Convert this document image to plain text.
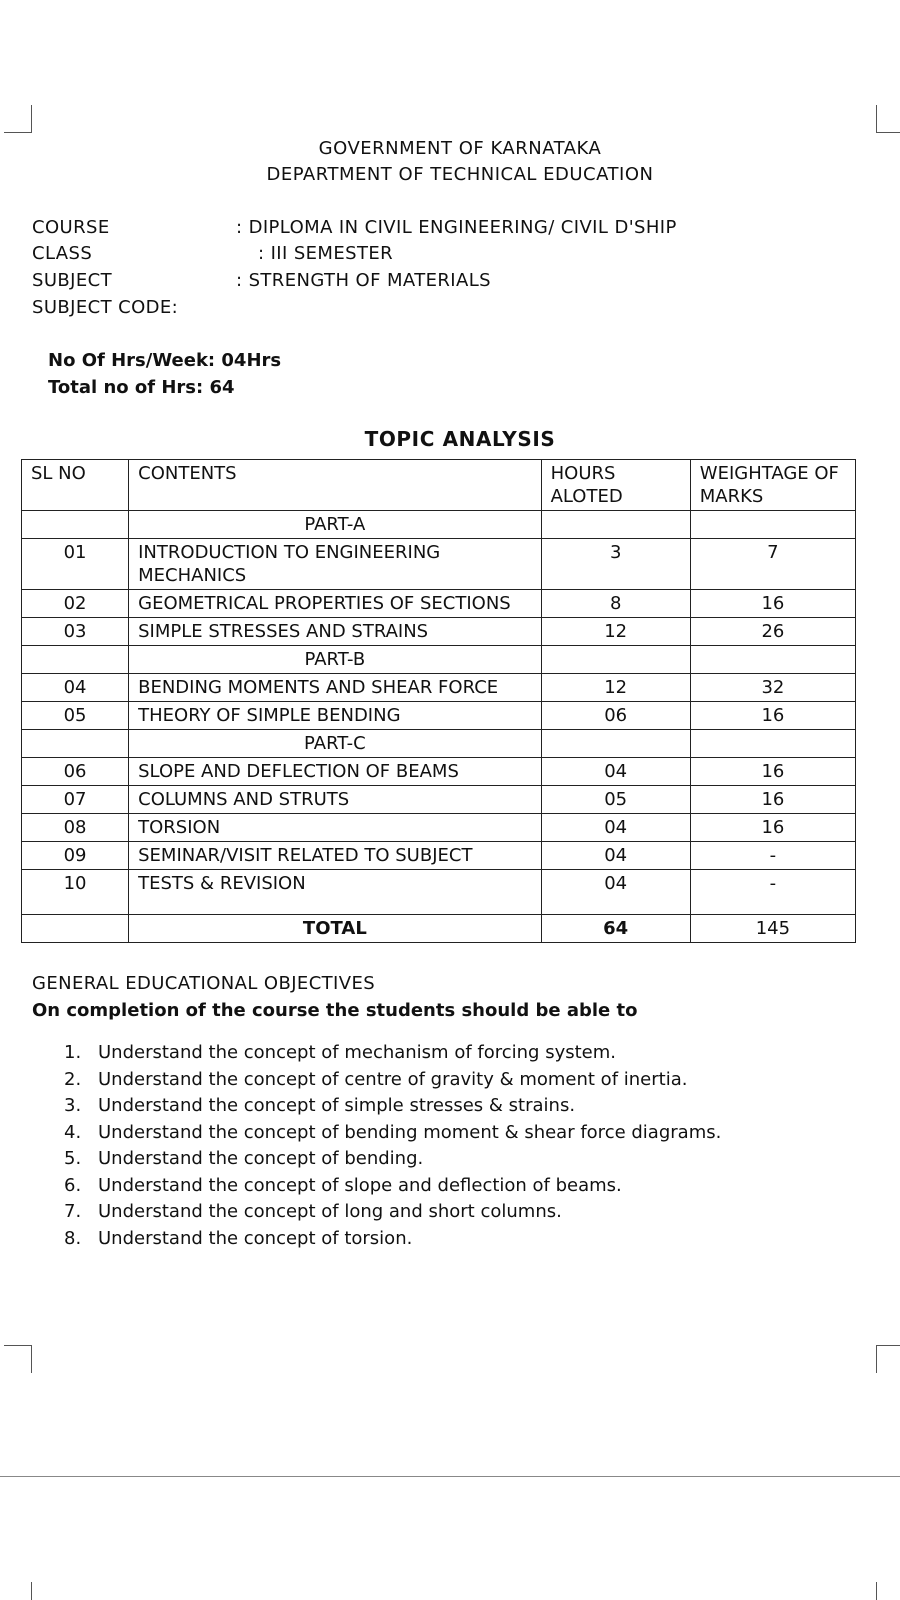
GOVERNMENT OF KARNATAKA
DEPARTMENT OF TECHNICAL EDUCATION
COURSE	: DIPLOMA IN CIVIL ENGINEERING/ CIVIL D'SHIP
CLASS	: III SEMESTER
SUBJECT	: STRENGTH OF MATERIALS
SUBJECT CODE:
No Of Hrs/Week: 04Hrs
Total no of Hrs: 64
TOPIC ANALYSIS
SL NO	CONTENTS	HOURS ALOTED	WEIGHTAGE OF MARKS
	PART-A		
01	INTRODUCTION TO ENGINEERING MECHANICS	3	7
02	GEOMETRICAL PROPERTIES OF SECTIONS	8	16
03	SIMPLE STRESSES AND STRAINS	12	26
	PART-B		
04	BENDING MOMENTS AND SHEAR FORCE	12	32
05	THEORY OF SIMPLE BENDING	06	16
	PART-C		
06	SLOPE AND DEFLECTION OF BEAMS	04	16
07	COLUMNS AND STRUTS	05	16
08	TORSION	04	16
09	SEMINAR/VISIT RELATED TO SUBJECT	04	-
10	TESTS & REVISION	04	-
	TOTAL	64	145
GENERAL EDUCATIONAL OBJECTIVES
On completion of the course the students should be able to
1. Understand the concept of mechanism of forcing system.
2. Understand the concept of centre of gravity & moment of inertia.
3. Understand the concept of simple stresses & strains.
4. Understand the concept of bending moment & shear force diagrams.
5. Understand the concept of bending.
6. Understand the concept of slope and deflection of beams.
7. Understand the concept of long and short columns.
8. Understand the concept of torsion.
